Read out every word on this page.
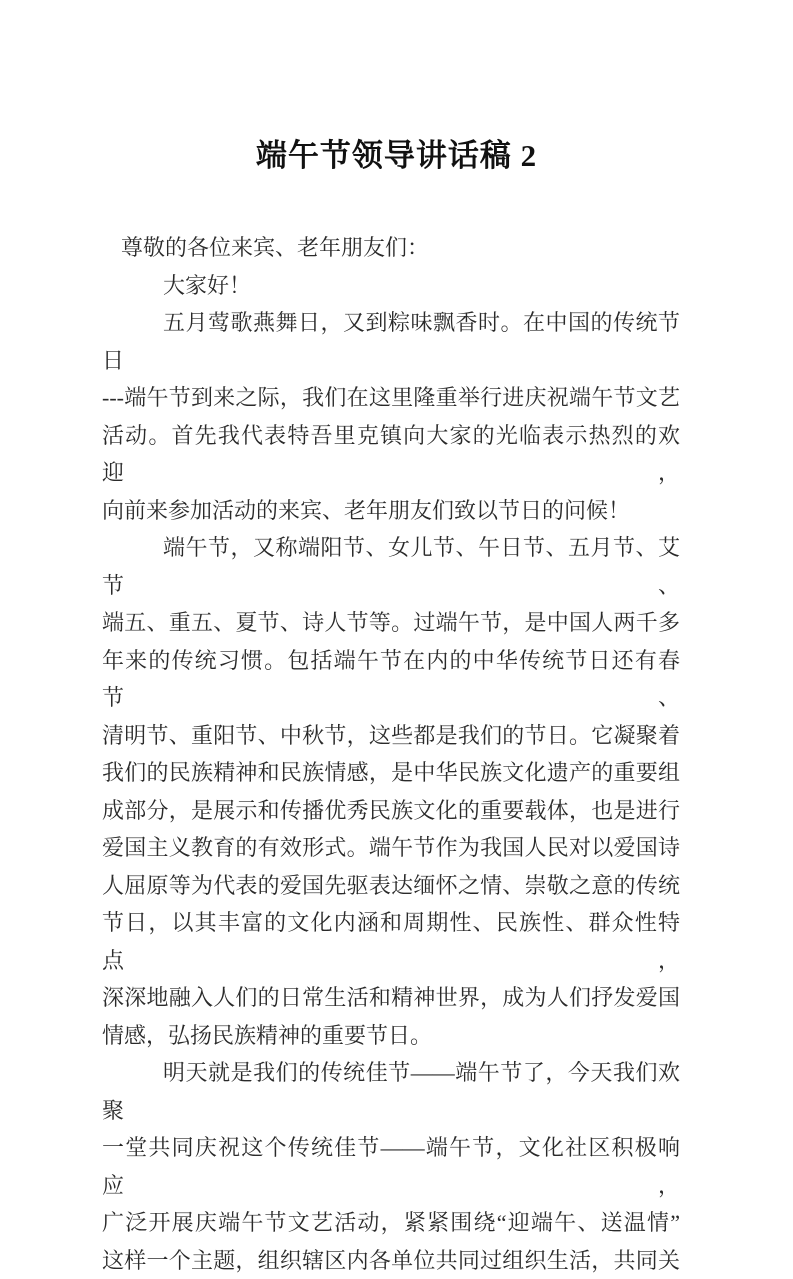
端午节领导讲话稿 2
尊敬的各位来宾、老年朋友们：
大家好！
五月莺歌燕舞日，又到粽味飘香时。在中国的传统节日
---端午节到来之际，我们在这里隆重举行进庆祝端午节文艺
活动。首先我代表特吾里克镇向大家的光临表示热烈的欢迎，
向前来参加活动的来宾、老年朋友们致以节日的问候！
端午节，又称端阳节、女儿节、午日节、五月节、艾节、
端五、重五、夏节、诗人节等。过端午节，是中国人两千多
年来的传统习惯。包括端午节在内的中华传统节日还有春节、
清明节、重阳节、中秋节，这些都是我们的节日。它凝聚着
我们的民族精神和民族情感，是中华民族文化遗产的重要组
成部分，是展示和传播优秀民族文化的重要载体，也是进行
爱国主义教育的有效形式。端午节作为我国人民对以爱国诗
人屈原等为代表的爱国先驱表达缅怀之情、崇敬之意的传统
节日，以其丰富的文化内涵和周期性、民族性、群众性特点，
深深地融入人们的日常生活和精神世界，成为人们抒发爱国
情感，弘扬民族精神的重要节日。
明天就是我们的传统佳节——端午节了，今天我们欢聚
一堂共同庆祝这个传统佳节——端午节，文化社区积极响应，
广泛开展庆端午节文艺活动，紧紧围绕“迎端午、送温情”
这样一个主题，组织辖区内各单位共同过组织生活，共同关
